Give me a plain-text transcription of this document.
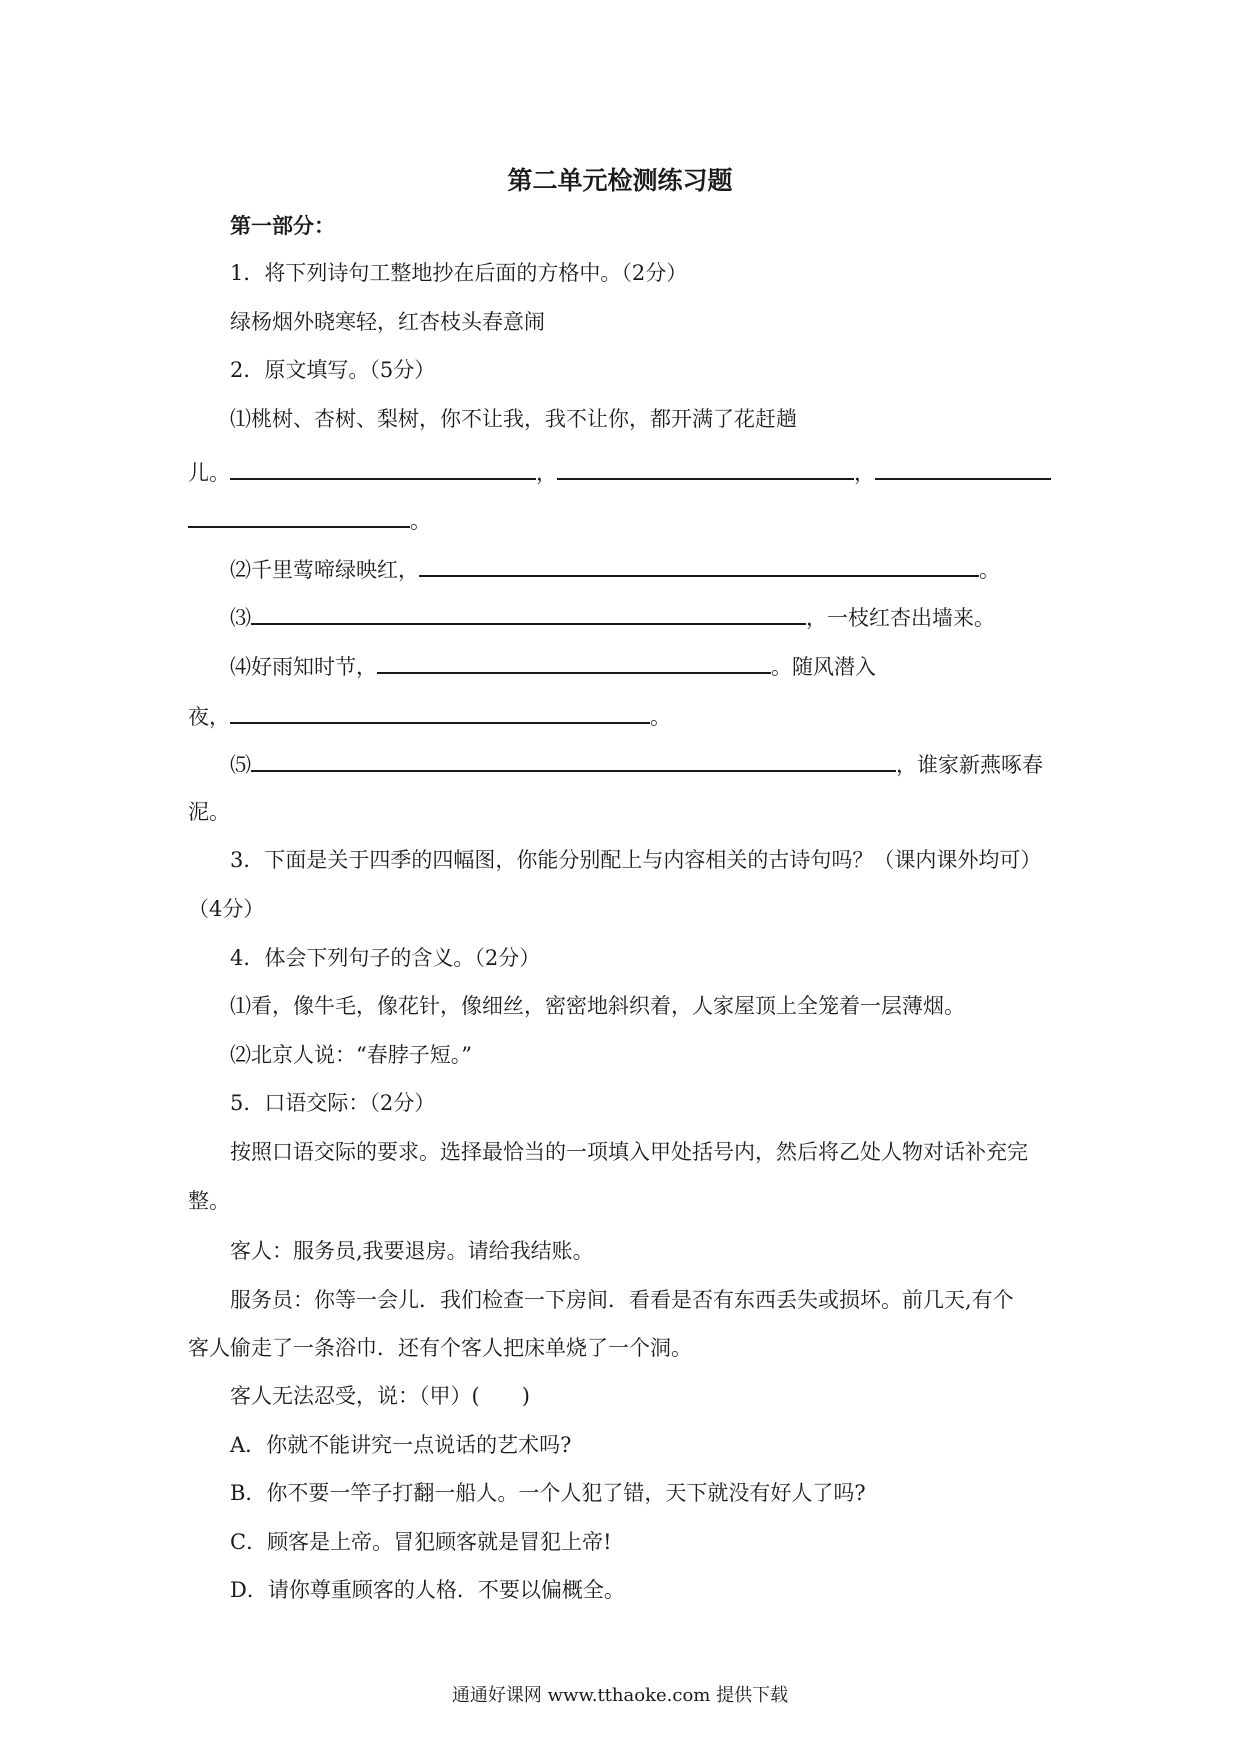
第二单元检测练习题
第一部分：
1．将下列诗句工整地抄在后面的方格中。（2分）
绿杨烟外晓寒轻，红杏枝头春意闹
2．原文填写。（5分）
⑴桃树、杏树、梨树，你不让我，我不让你，都开满了花赶趟
儿。	，	，
。
⑵千里莺啼绿映红，	。
⑶	，一枝红杏出墙来。
⑷好雨知时节，	。随风潜入
夜，	。
⑸	，谁家新燕啄春
泥。
3．下面是关于四季的四幅图，你能分别配上与内容相关的古诗句吗？（课内课外均可）
（4分）
4．体会下列句子的含义。（2分）
⑴看，像牛毛，像花针，像细丝，密密地斜织着，人家屋顶上全笼着一层薄烟。
⑵北京人说：“春脖子短。”
5．口语交际：（2分）
按照口语交际的要求。选择最恰当的一项填入甲处括号内，然后将乙处人物对话补充完
整。
客人：服务员,我要退房。请给我结账。
服务员：你等一会儿．我们检查一下房间．看看是否有东西丢失或损坏。前几天,有个
客人偷走了一条浴巾．还有个客人把床单烧了一个洞。
客人无法忍受，说：（甲）(　　)
A．你就不能讲究一点说话的艺术吗?
B．你不要一竿子打翻一船人。一个人犯了错，天下就没有好人了吗?
C．顾客是上帝。冒犯顾客就是冒犯上帝!
D．请你尊重顾客的人格．不要以偏概全。
通通好课网 www.tthaoke.com 提供下载
